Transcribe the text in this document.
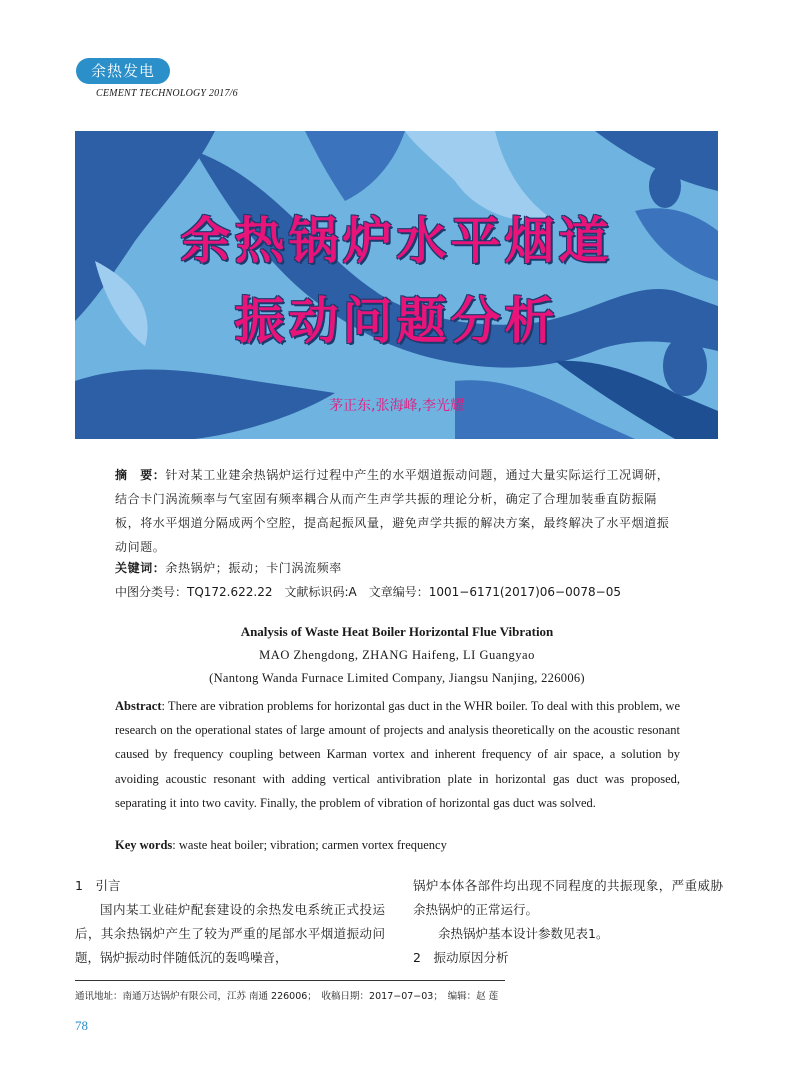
余热发电
CEMENT TECHNOLOGY 2017/6
余热锅炉水平烟道
振动问题分析
茅正东,张海峰,李光耀
摘　要：针对某工业建余热锅炉运行过程中产生的水平烟道振动问题，通过大量实际运行工况调研，结合卡门涡流频率与气室固有频率耦合从而产生声学共振的理论分析，确定了合理加装垂直防振隔板，将水平烟道分隔成两个空腔，提高起振风量，避免声学共振的解决方案，最终解决了水平烟道振动问题。
关键词：余热锅炉；振动；卡门涡流频率
中图分类号：TQ172.622.22　文献标识码:A　文章编号：1001−6171(2017)06−0078−05
Analysis of Waste Heat Boiler Horizontal Flue Vibration
MAO Zhengdong, ZHANG Haifeng, LI Guangyao
(Nantong Wanda Furnace Limited Company, Jiangsu Nanjing, 226006)
Abstract: There are vibration problems for horizontal gas duct in the WHR boiler. To deal with this problem, we research on the operational states of large amount of projects and analysis theoretically on the acoustic resonant caused by frequency coupling between Karman vortex and inherent frequency of air space, a solution by avoiding acoustic resonant with adding vertical antivibration plate in horizontal gas duct was proposed, separating it into two cavity. Finally, the problem of vibration of horizontal gas duct was solved.
Key words: waste heat boiler; vibration; carmen vortex frequency
1　引言
国内某工业硅炉配套建设的余热发电系统正式投运后，其余热锅炉产生了较为严重的尾部水平烟道振动问题，锅炉振动时伴随低沉的轰鸣噪音，
锅炉本体各部件均出现不同程度的共振现象，严重威胁余热锅炉的正常运行。
余热锅炉基本设计参数见表1。
2　振动原因分析
通讯地址：南通万达锅炉有限公司，江苏 南通 226006；　收稿日期：2017−07−03；　编辑：赵 莲
78
